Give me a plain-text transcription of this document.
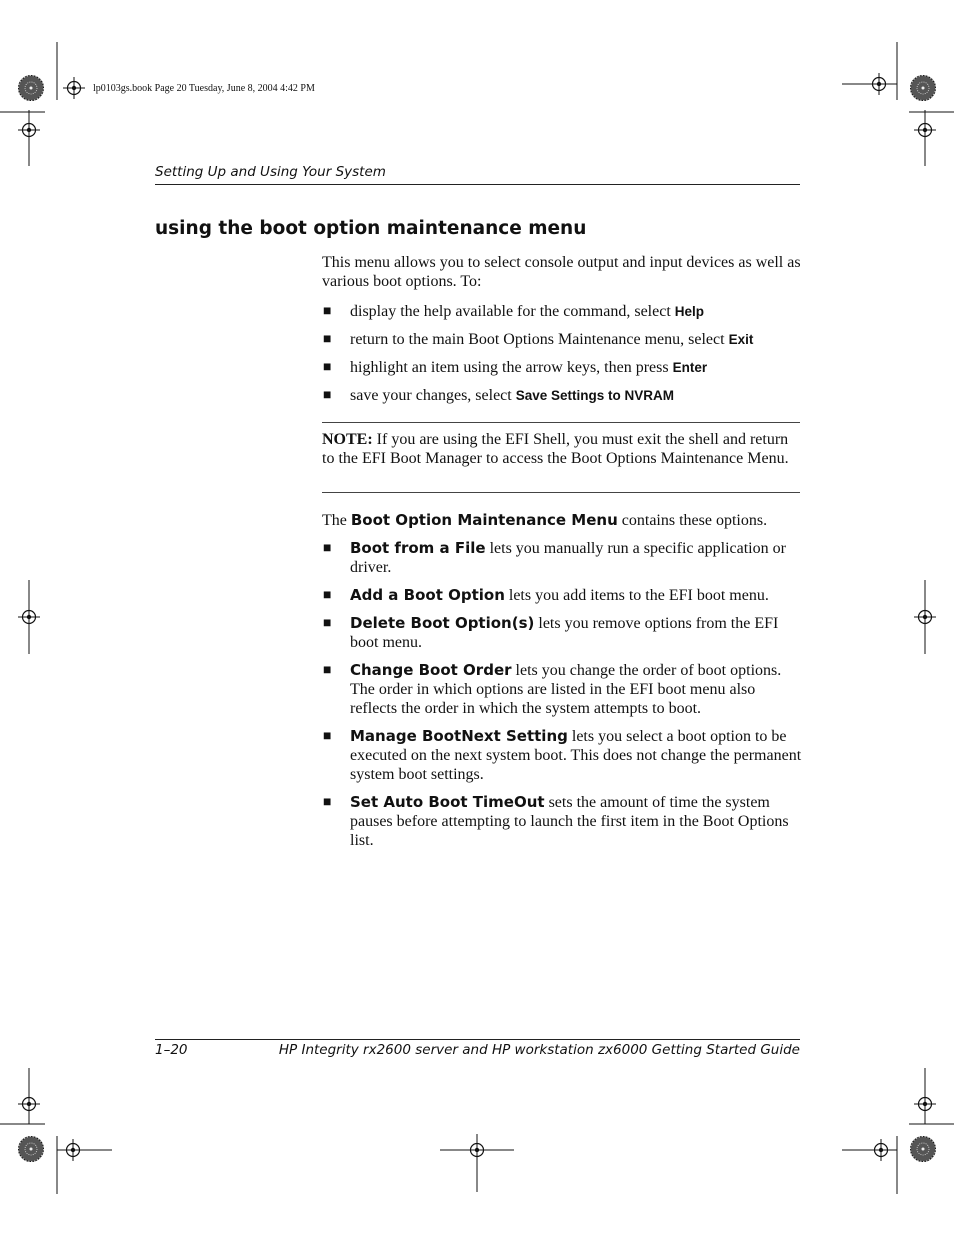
lp0103gs.book Page 20 Tuesday, June 8, 2004 4:42 PM
Setting Up and Using Your System
using the boot option maintenance menu
This menu allows you to select console output and input devices as well as various boot options. To:
■ display the help available for the command, select Help
■ return to the main Boot Options Maintenance menu, select Exit
■ highlight an item using the arrow keys, then press Enter
■ save your changes, select Save Settings to NVRAM
NOTE: If you are using the EFI Shell, you must exit the shell and return to the EFI Boot Manager to access the Boot Options Maintenance Menu.
The Boot Option Maintenance Menu contains these options.
■ Boot from a File lets you manually run a specific application or driver.
■ Add a Boot Option lets you add items to the EFI boot menu.
■ Delete Boot Option(s) lets you remove options from the EFI boot menu.
■ Change Boot Order lets you change the order of boot options. The order in which options are listed in the EFI boot menu also reflects the order in which the system attempts to boot.
■ Manage BootNext Setting lets you select a boot option to be executed on the next system boot. This does not change the permanent system boot settings.
■ Set Auto Boot TimeOut sets the amount of time the system pauses before attempting to launch the first item in the Boot Options list.
1–20	HP Integrity rx2600 server and HP workstation zx6000 Getting Started Guide
